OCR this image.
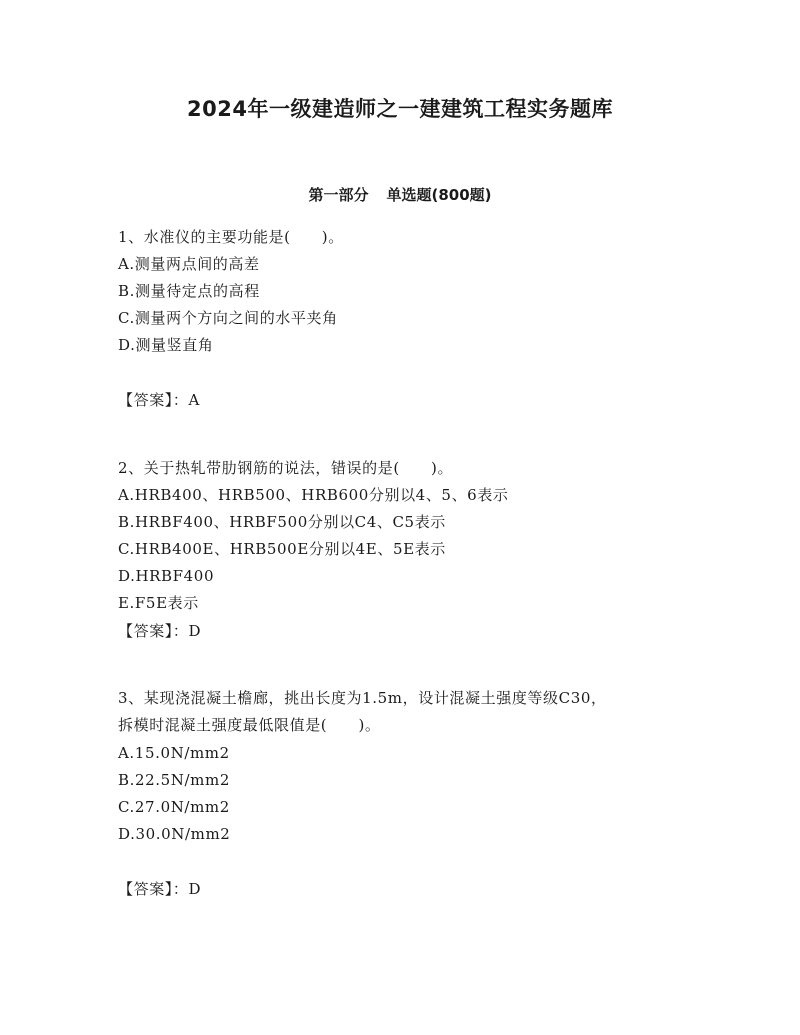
2024年一级建造师之一建建筑工程实务题库
第一部分 单选题(800题)
1、水准仪的主要功能是(　　)。
A.测量两点间的高差
B.测量待定点的高程
C.测量两个方向之间的水平夹角
D.测量竖直角
【答案】：A
2、关于热轧带肋钢筋的说法，错误的是(　　)。
A.HRB400、HRB500、HRB600分别以4、5、6表示
B.HRBF400、HRBF500分别以C4、C5表示
C.HRB400E、HRB500E分别以4E、5E表示
D.HRBF400
E.F5E表示
【答案】：D
3、某现浇混凝土檐廊，挑出长度为1.5m，设计混凝土强度等级C30，
拆模时混凝土强度最低限值是(　　)。
A.15.0N/mm2
B.22.5N/mm2
C.27.0N/mm2
D.30.0N/mm2
【答案】：D
